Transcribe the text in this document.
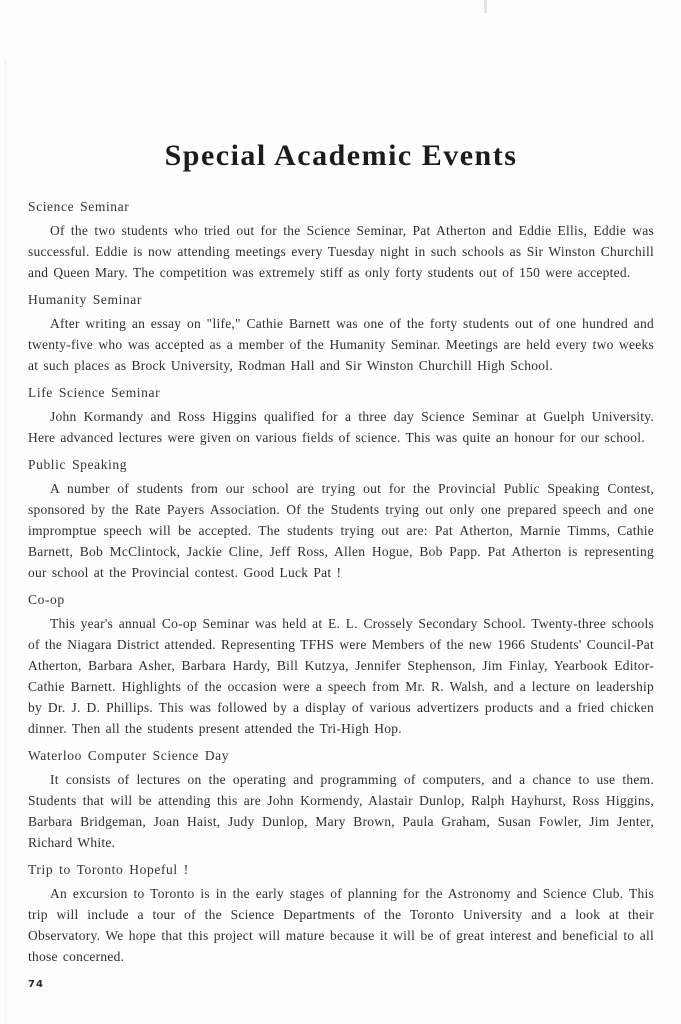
Special Academic Events
Science Seminar

Of the two students who tried out for the Science Seminar, Pat Atherton and Eddie Ellis, Eddie was successful. Eddie is now attending meetings every Tuesday night in such schools as Sir Winston Churchill and Queen Mary. The competition was extremely stiff as only forty students out of 150 were accepted.

Humanity Seminar

After writing an essay on "life," Cathie Barnett was one of the forty students out of one hundred and twenty-five who was accepted as a member of the Humanity Seminar. Meetings are held every two weeks at such places as Brock University, Rodman Hall and Sir Winston Churchill High School.

Life Science Seminar

John Kormandy and Ross Higgins qualified for a three day Science Seminar at Guelph University. Here advanced lectures were given on various fields of science. This was quite an honour for our school.

Public Speaking

A number of students from our school are trying out for the Provincial Public Speaking Contest, sponsored by the Rate Payers Association. Of the Students trying out only one prepared speech and one impromptue speech will be accepted. The students trying out are: Pat Atherton, Marnie Timms, Cathie Barnett, Bob McClintock, Jackie Cline, Jeff Ross, Allen Hogue, Bob Papp. Pat Atherton is representing our school at the Provincial contest. Good Luck Pat !

Co-op

This year's annual Co-op Seminar was held at E. L. Crossely Secondary School. Twenty-three schools of the Niagara District attended. Representing TFHS were Members of the new 1966 Students' Council-Pat Atherton, Barbara Asher, Barbara Hardy, Bill Kutzya, Jennifer Stephenson, Jim Finlay, Yearbook Editor-Cathie Barnett. Highlights of the occasion were a speech from Mr. R. Walsh, and a lecture on leadership by Dr. J. D. Phillips. This was followed by a display of various advertizers products and a fried chicken dinner. Then all the students present attended the Tri-High Hop.

Waterloo Computer Science Day

It consists of lectures on the operating and programming of computers, and a chance to use them. Students that will be attending this are John Kormendy, Alastair Dunlop, Ralph Hayhurst, Ross Higgins, Barbara Bridgeman, Joan Haist, Judy Dunlop, Mary Brown, Paula Graham, Susan Fowler, Jim Jenter, Richard White.

Trip to Toronto Hopeful !

An excursion to Toronto is in the early stages of planning for the Astronomy and Science Club. This trip will include a tour of the Science Departments of the Toronto University and a look at their Observatory. We hope that this project will mature because it will be of great interest and beneficial to all those concerned.

74
